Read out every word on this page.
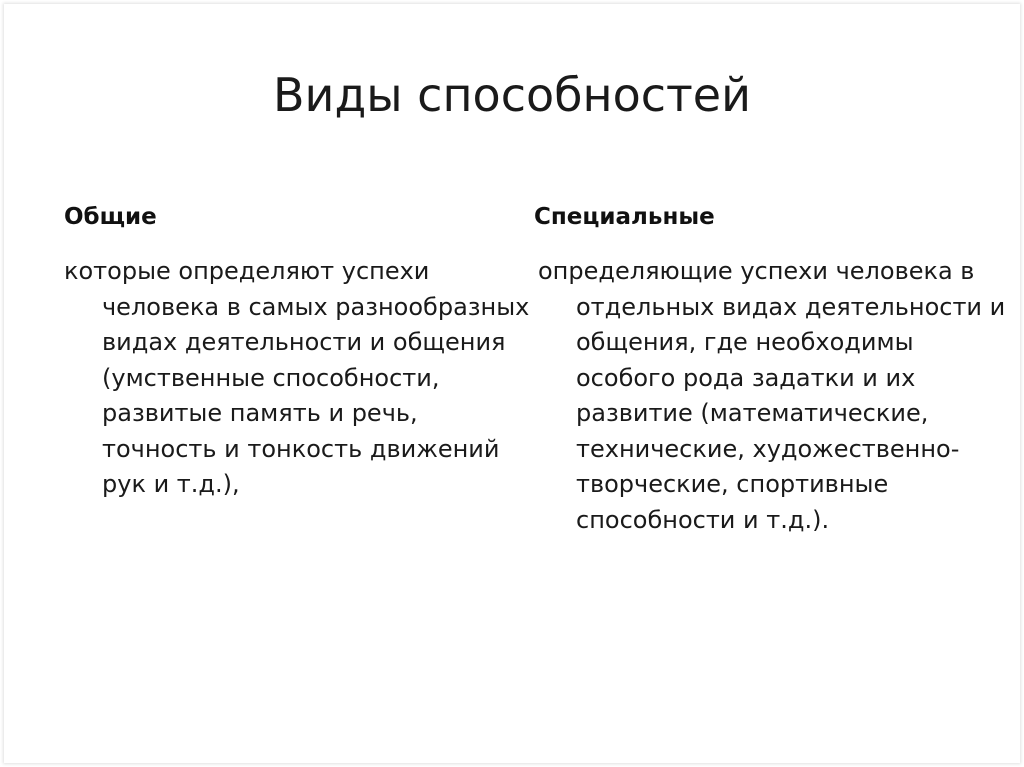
Виды способностей
Общие

которые определяют успехи человека в самых разнообразных видах деятельности и общения (умственные способности, развитые память и речь, точность и тонкость движений рук и т.д.),

Специальные

определяющие успехи человека в отдельных видах деятельности и общения, где необходимы особого рода задатки и их развитие (математические, технические, художественно-творческие, спортивные способности и т.д.).
